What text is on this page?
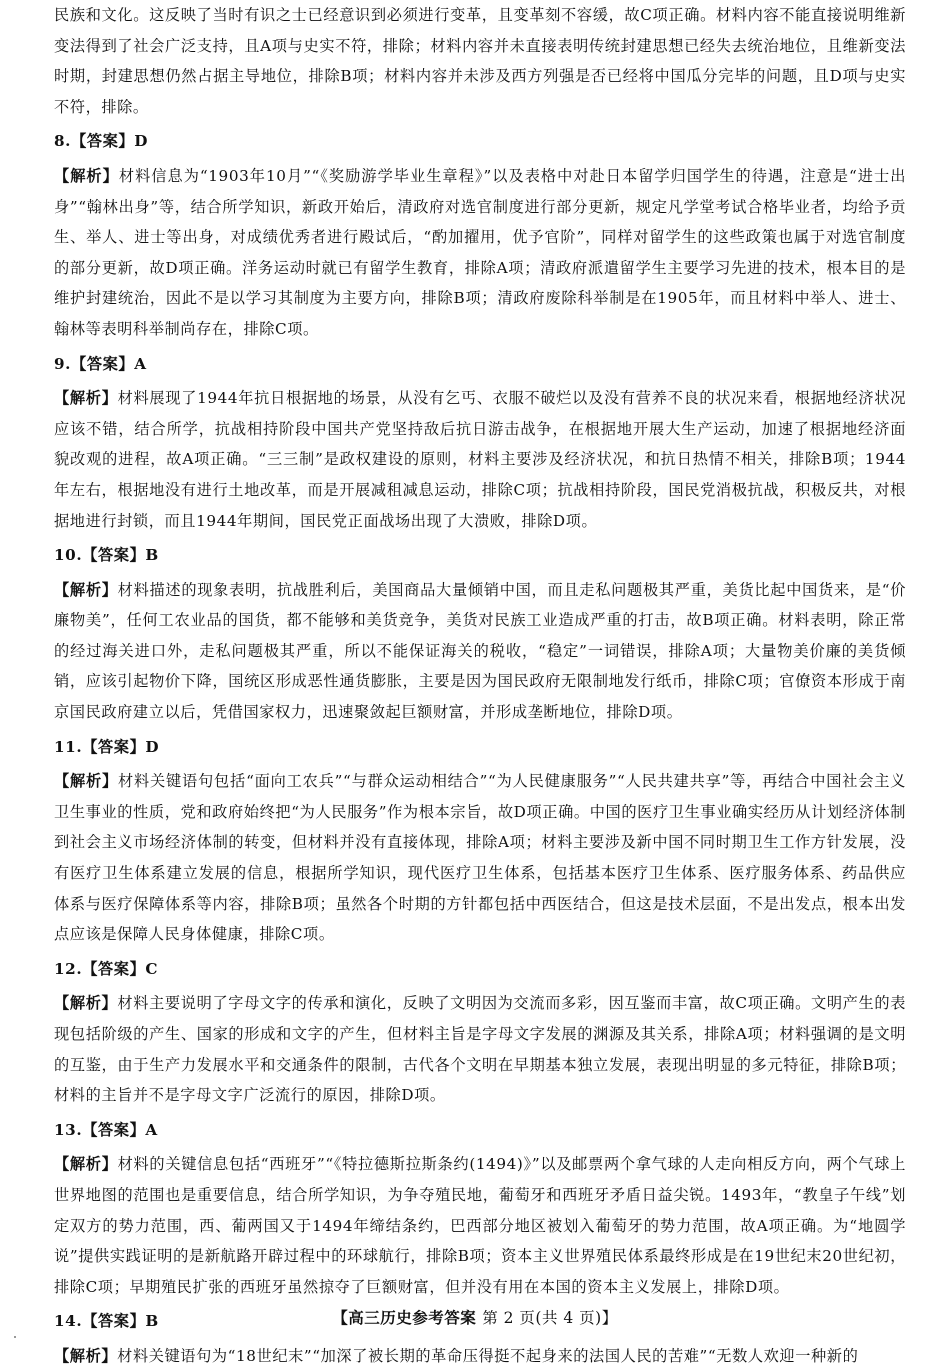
民族和文化。这反映了当时有识之士已经意识到必须进行变革，且变革刻不容缓，故C项正确。材料内容不能直接说明维新变法得到了社会广泛支持，且A项与史实不符，排除；材料内容并未直接表明传统封建思想已经失去统治地位，且维新变法时期，封建思想仍然占据主导地位，排除B项；材料内容并未涉及西方列强是否已经将中国瓜分完毕的问题，且D项与史实不符，排除。

8.【答案】D

【解析】材料信息为“1903年10月”“《奖励游学毕业生章程》”以及表格中对赴日本留学归国学生的待遇，注意是“进士出身”“翰林出身”等，结合所学知识，新政开始后，清政府对选官制度进行部分更新，规定凡学堂考试合格毕业者，均给予贡生、举人、进士等出身，对成绩优秀者进行殿试后，“酌加擢用，优予官阶”，同样对留学生的这些政策也属于对选官制度的部分更新，故D项正确。洋务运动时就已有留学生教育，排除A项；清政府派遣留学生主要学习先进的技术，根本目的是维护封建统治，因此不是以学习其制度为主要方向，排除B项；清政府废除科举制是在1905年，而且材料中举人、进士、翰林等表明科举制尚存在，排除C项。

9.【答案】A

【解析】材料展现了1944年抗日根据地的场景，从没有乞丐、衣服不破烂以及没有营养不良的状况来看，根据地经济状况应该不错，结合所学，抗战相持阶段中国共产党坚持敌后抗日游击战争，在根据地开展大生产运动，加速了根据地经济面貌改观的进程，故A项正确。“三三制”是政权建设的原则，材料主要涉及经济状况，和抗日热情不相关，排除B项；1944年左右，根据地没有进行土地改革，而是开展减租减息运动，排除C项；抗战相持阶段，国民党消极抗战，积极反共，对根据地进行封锁，而且1944年期间，国民党正面战场出现了大溃败，排除D项。

10.【答案】B

【解析】材料描述的现象表明，抗战胜利后，美国商品大量倾销中国，而且走私问题极其严重，美货比起中国货来，是“价廉物美”，任何工农业品的国货，都不能够和美货竞争，美货对民族工业造成严重的打击，故B项正确。材料表明，除正常的经过海关进口外，走私问题极其严重，所以不能保证海关的税收，“稳定”一词错误，排除A项；大量物美价廉的美货倾销，应该引起物价下降，国统区形成恶性通货膨胀，主要是因为国民政府无限制地发行纸币，排除C项；官僚资本形成于南京国民政府建立以后，凭借国家权力，迅速聚敛起巨额财富，并形成垄断地位，排除D项。

11.【答案】D

【解析】材料关键语句包括“面向工农兵”“与群众运动相结合”“为人民健康服务”“人民共建共享”等，再结合中国社会主义卫生事业的性质，党和政府始终把“为人民服务”作为根本宗旨，故D项正确。中国的医疗卫生事业确实经历从计划经济体制到社会主义市场经济体制的转变，但材料并没有直接体现，排除A项；材料主要涉及新中国不同时期卫生工作方针发展，没有医疗卫生体系建立发展的信息，根据所学知识，现代医疗卫生体系，包括基本医疗卫生体系、医疗服务体系、药品供应体系与医疗保障体系等内容，排除B项；虽然各个时期的方针都包括中西医结合，但这是技术层面，不是出发点，根本出发点应该是保障人民身体健康，排除C项。

12.【答案】C

【解析】材料主要说明了字母文字的传承和演化，反映了文明因为交流而多彩，因互鉴而丰富，故C项正确。文明产生的表现包括阶级的产生、国家的形成和文字的产生，但材料主旨是字母文字发展的渊源及其关系，排除A项；材料强调的是文明的互鉴，由于生产力发展水平和交通条件的限制，古代各个文明在早期基本独立发展，表现出明显的多元特征，排除B项；材料的主旨并不是字母文字广泛流行的原因，排除D项。

13.【答案】A

【解析】材料的关键信息包括“西班牙”“《特拉德斯拉斯条约(1494)》”以及邮票两个拿气球的人走向相反方向，两个气球上世界地图的范围也是重要信息，结合所学知识，为争夺殖民地，葡萄牙和西班牙矛盾日益尖锐。1493年，“教皇子午线”划定双方的势力范围，西、葡两国又于1494年缔结条约，巴西部分地区被划入葡萄牙的势力范围，故A项正确。为“地圆学说”提供实践证明的是新航路开辟过程中的环球航行，排除B项；资本主义世界殖民体系最终形成是在19世纪末20世纪初，排除C项；早期殖民扩张的西班牙虽然掠夺了巨额财富，但并没有用在本国的资本主义发展上，排除D项。

14.【答案】B

【解析】材料关键语句为“18世纪末”“加深了被长期的革命压得挺不起身来的法国人民的苦难”“无数人欢迎一种新的

【高三历史参考答案 第 2 页(共 4 页)】
